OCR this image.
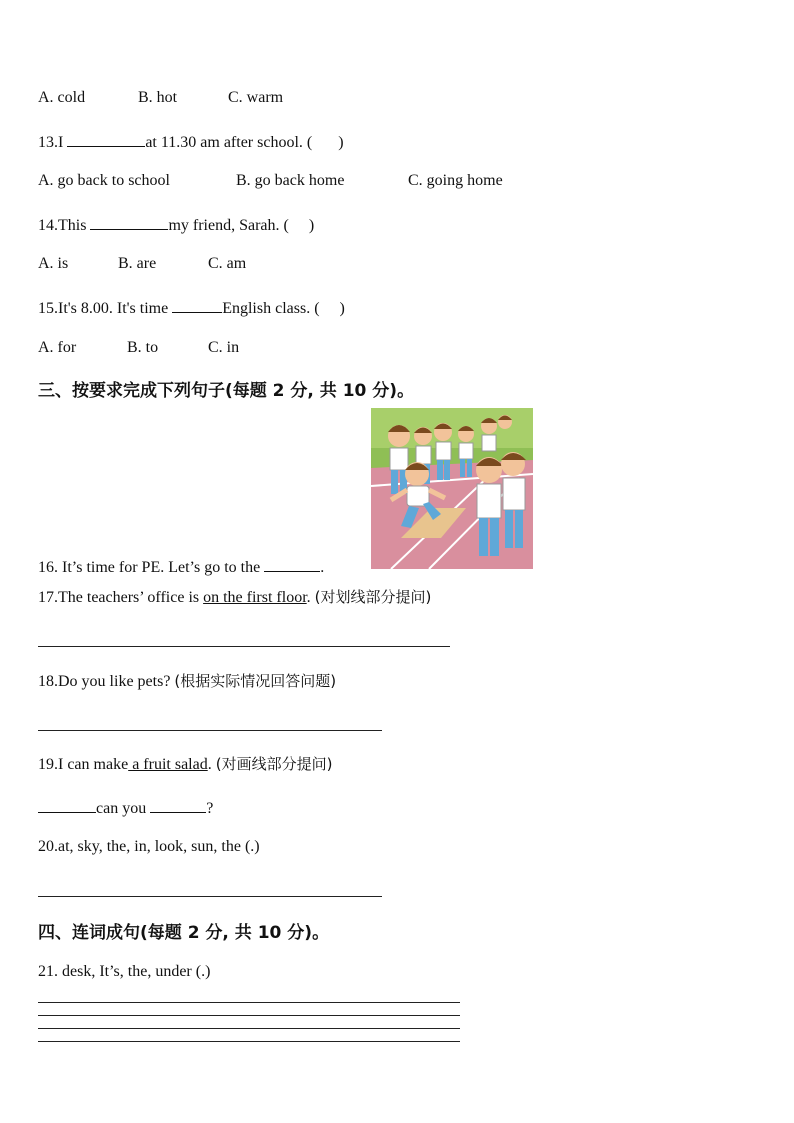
A. cold	B. hot	C. warm
13.I	at 11.30 am after school. ( )
A. go back to school	B. go back home	C. going home
14.This	my friend, Sarah. ( )
A. is	B. are	C. am
15.It's 8.00. It's time	English class. ( )
A. for	B. to	C. in
三、按要求完成下列句子(每题 2 分, 共 10 分)。
16. It’s time for PE. Let’s go to the	.
17.The teachers’ office is on the first floor. (对划线部分提问)
18.Do you like pets? (根据实际情况回答问题)
19.I can make a fruit salad. (对画线部分提问)
can you	?
20.at, sky, the, in, look, sun, the (.)
四、连词成句(每题 2 分, 共 10 分)。
21. desk, It’s, the, under (.)
